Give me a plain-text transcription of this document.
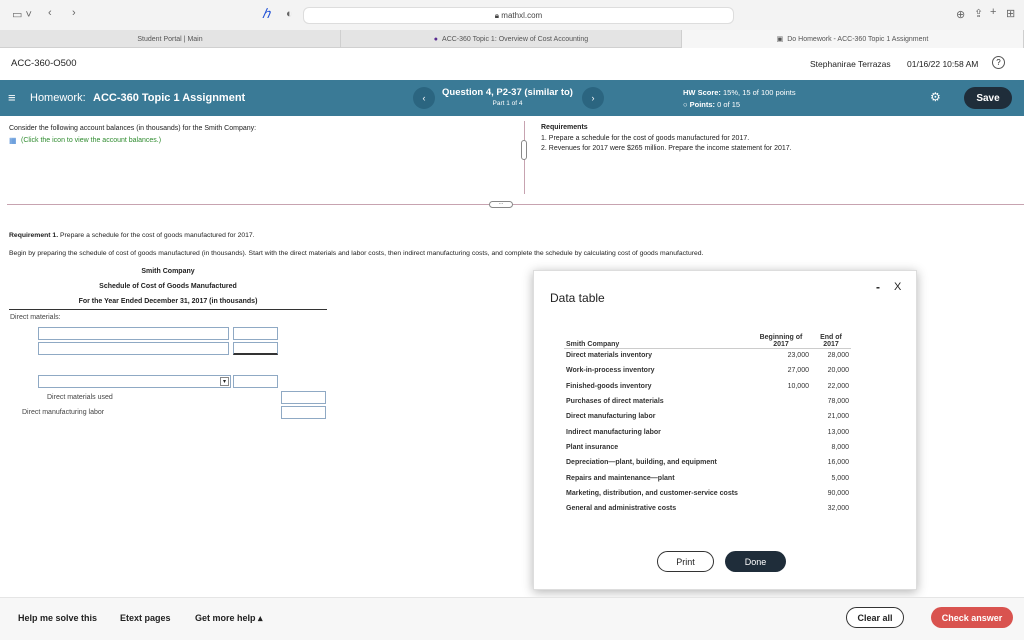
▭ ˅ ‹ ›	ℎ ◐	🔒︎ mathxl.com	⊕ ⇪ + ⊞
Student Portal | Main	● ACC-360 Topic 1: Overview of Cost Accounting	▣ Do Homework - ACC-360 Topic 1 Assignment
ACC-360-O500	Stephanirae Terrazas 01/16/22 10:58 AM	?
≡ Homework: ACC-360 Topic 1 Assignment	‹	Question 4, P2-37 (similar to)
Part 1 of 4
›
HW Score: 15%, 15 of 100 points
○ Points: 0 of 15
⚙	Save
Consider the following account balances (in thousands) for the Smith Company:
▦ (Click the icon to view the account balances.)
Requirements
1. Prepare a schedule for the cost of goods manufactured for 2017.
2. Revenues for 2017 were $265 million. Prepare the income statement for 2017.
···
Requirement 1. Prepare a schedule for the cost of goods manufactured for 2017.
Begin by preparing the schedule of cost of goods manufactured (in thousands). Start with the direct materials and labor costs, then indirect manufacturing costs, and complete the schedule by calculating cost of goods manufactured.
Smith Company
Schedule of Cost of Goods Manufactured
For the Year Ended December 31, 2017 (in thousands)
Direct materials:
▾
Direct materials used
Direct manufacturing labor
Data table
- X
Smith Company	Beginning of 2017	End of 2017
Direct materials inventory	23,000	28,000
Work-in-process inventory	27,000	20,000
Finished-goods inventory	10,000	22,000
Purchases of direct materials		78,000
Direct manufacturing labor		21,000
Indirect manufacturing labor		13,000
Plant insurance		8,000
Depreciation—plant, building, and equipment		16,000
Repairs and maintenance—plant		5,000
Marketing, distribution, and customer-service costs		90,000
General and administrative costs		32,000
Print	Done
Help me solve this	Etext pages	Get more help ▴	Clear all	Check answer
